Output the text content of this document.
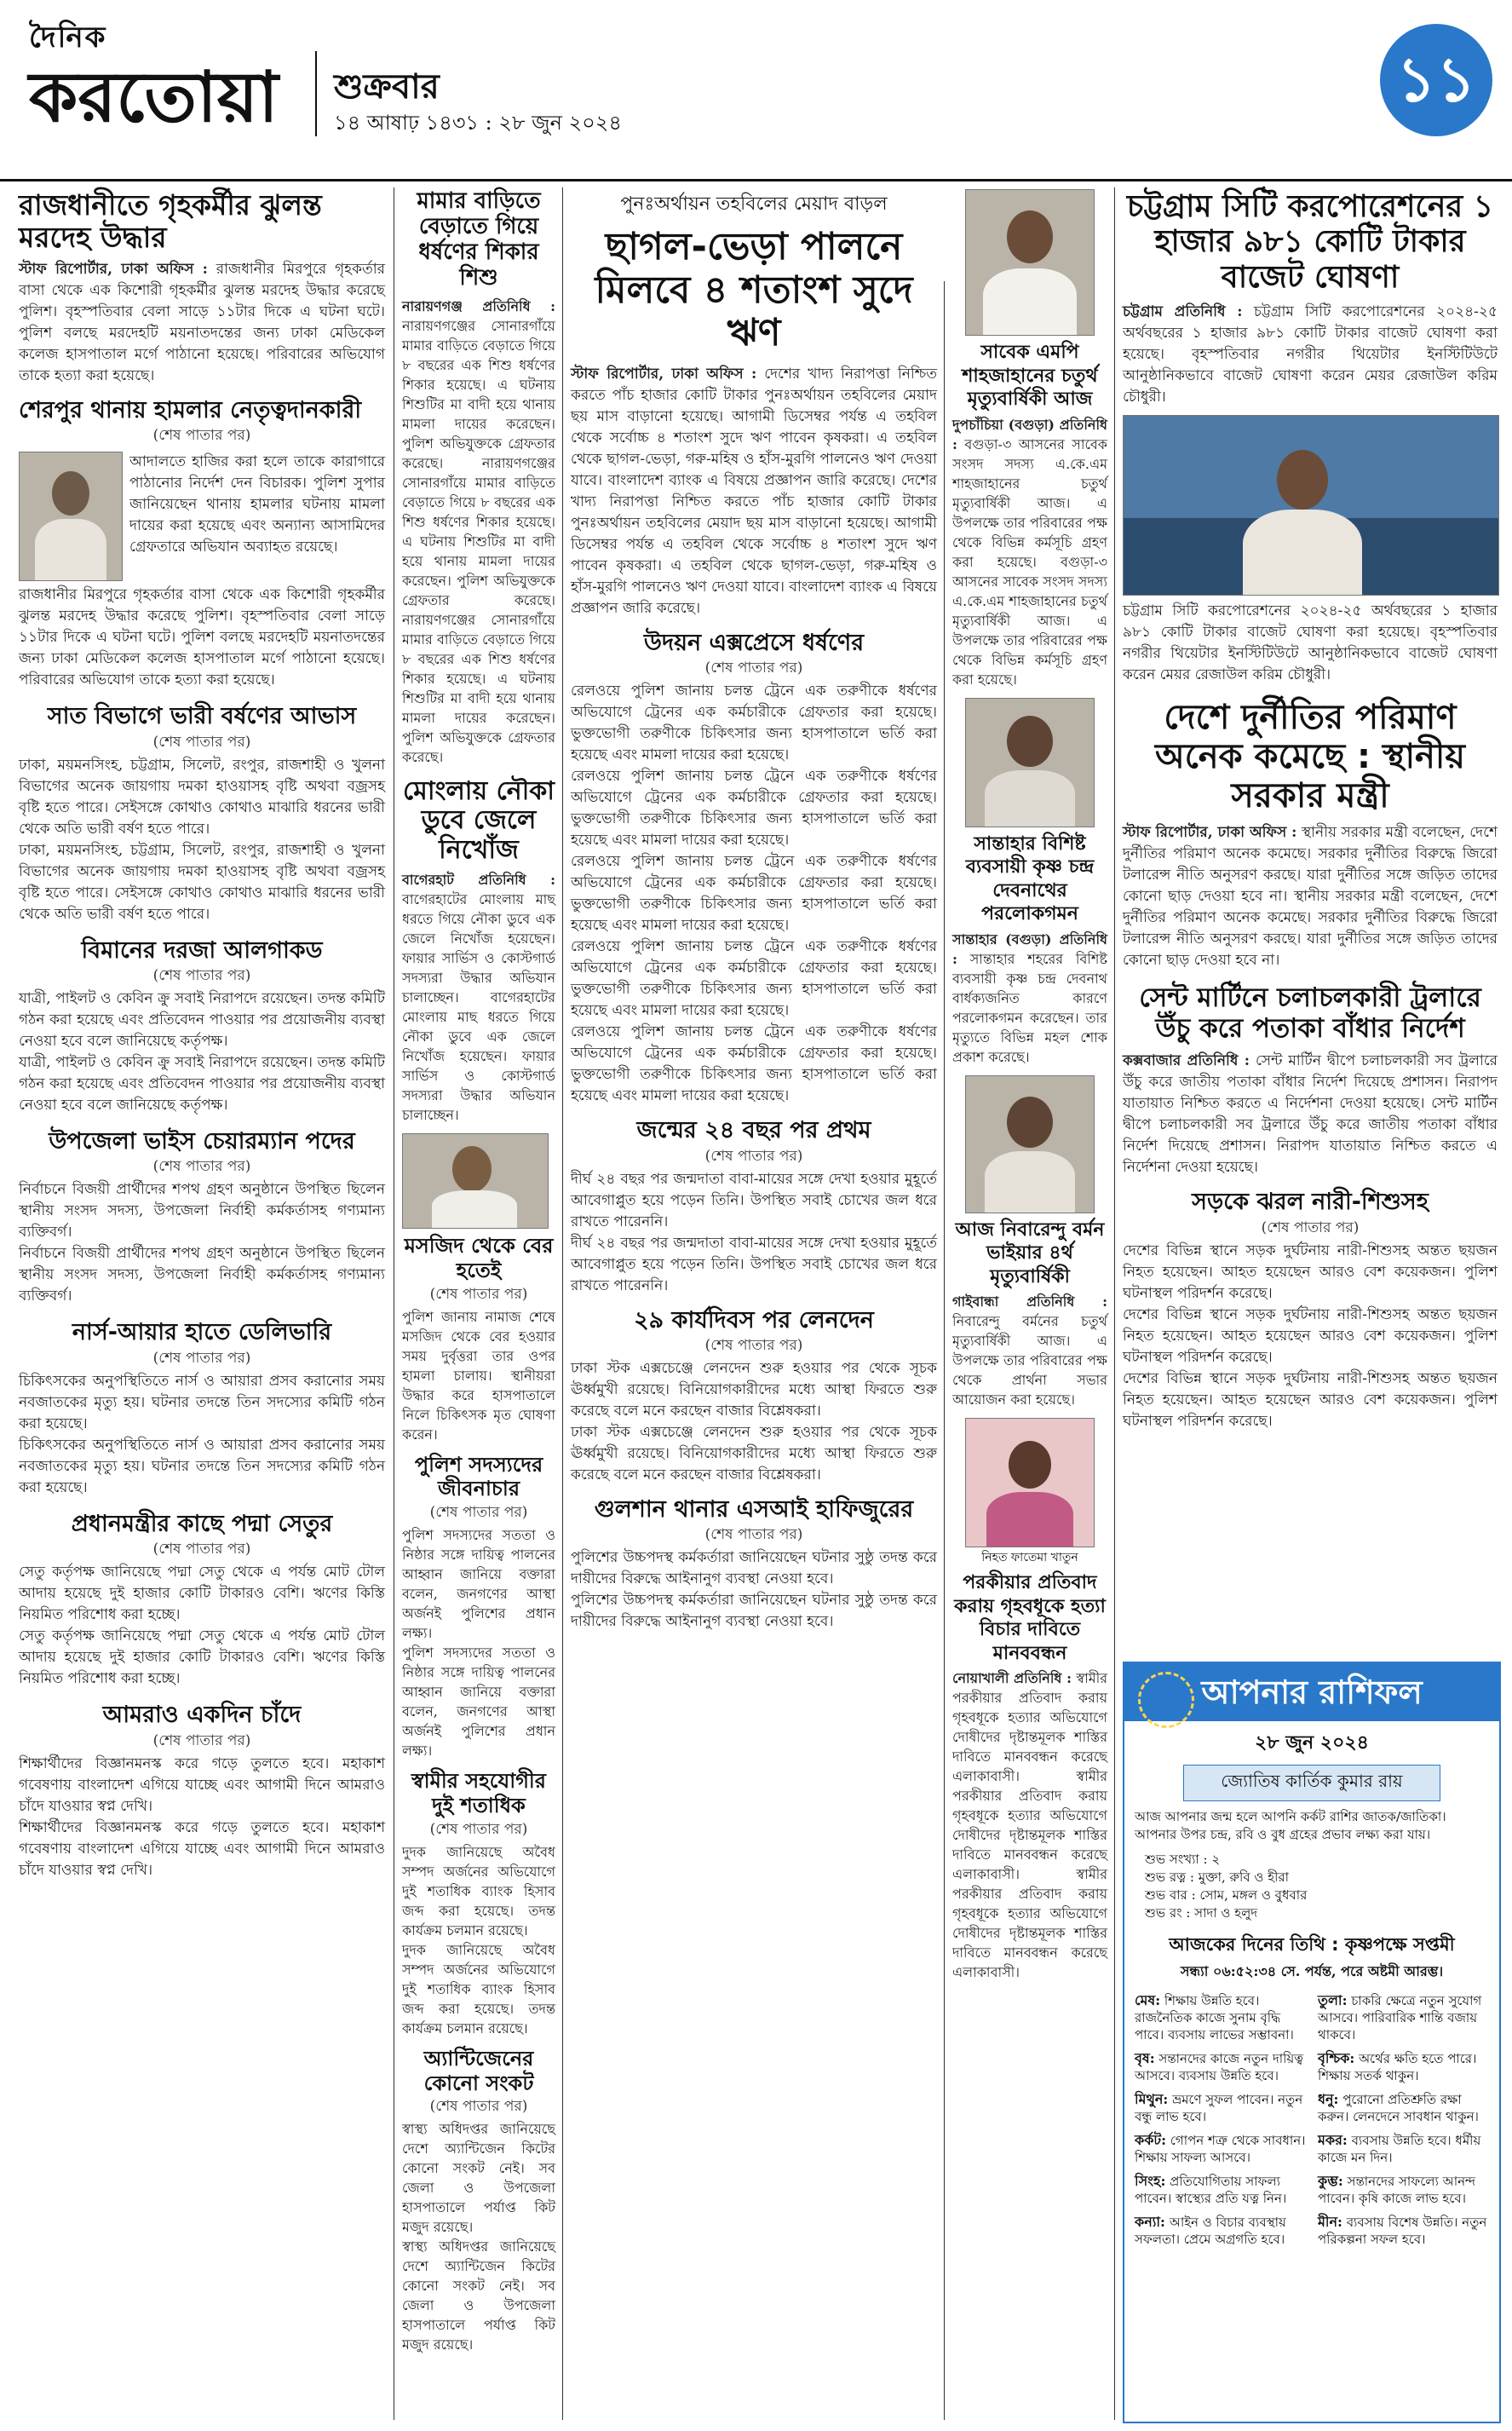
দৈনিক
করতোয়া শুক্রবার
১৪ আষাঢ় ১৪৩১ : ২৮ জুন ২০২৪
১১
রাজধানীতে গৃহকর্মীর ঝুলন্ত মরদেহ উদ্ধার
স্টাফ রিপোর্টার, ঢাকা অফিস : রাজধানীর মিরপুরে গৃহকর্তার বাসা থেকে এক কিশোরী গৃহকর্মীর ঝুলন্ত মরদেহ উদ্ধার করেছে পুলিশ। বৃহস্পতিবার বেলা সাড়ে ১১টার দিকে এ ঘটনা ঘটে। পুলিশ বলছে মরদেহটি ময়নাতদন্তের জন্য ঢাকা মেডিকেল কলেজ হাসপাতাল মর্গে পাঠানো হয়েছে। পরিবারের অভিযোগ তাকে হত্যা করা হয়েছে।
শেরপুর থানায় হামলার নেতৃত্বদানকারী
(শেষ পাতার পর)
আদালতে হাজির করা হলে তাকে কারাগারে পাঠানোর নির্দেশ দেন বিচারক। পুলিশ সুপার জানিয়েছেন থানায় হামলার ঘটনায় মামলা দায়ের করা হয়েছে এবং অন্যান্য আসামিদের গ্রেফতারে অভিযান অব্যাহত রয়েছে।
রাজধানীর মিরপুরে গৃহকর্তার বাসা থেকে এক কিশোরী গৃহকর্মীর ঝুলন্ত মরদেহ উদ্ধার করেছে পুলিশ। বৃহস্পতিবার বেলা সাড়ে ১১টার দিকে এ ঘটনা ঘটে। পুলিশ বলছে মরদেহটি ময়নাতদন্তের জন্য ঢাকা মেডিকেল কলেজ হাসপাতাল মর্গে পাঠানো হয়েছে। পরিবারের অভিযোগ তাকে হত্যা করা হয়েছে।
সাত বিভাগে ভারী বর্ষণের আভাস
(শেষ পাতার পর)
ঢাকা, ময়মনসিংহ, চট্টগ্রাম, সিলেট, রংপুর, রাজশাহী ও খুলনা বিভাগের অনেক জায়গায় দমকা হাওয়াসহ বৃষ্টি অথবা বজ্রসহ বৃষ্টি হতে পারে। সেইসঙ্গে কোথাও কোথাও মাঝারি ধরনের ভারী থেকে অতি ভারী বর্ষণ হতে পারে।
ঢাকা, ময়মনসিংহ, চট্টগ্রাম, সিলেট, রংপুর, রাজশাহী ও খুলনা বিভাগের অনেক জায়গায় দমকা হাওয়াসহ বৃষ্টি অথবা বজ্রসহ বৃষ্টি হতে পারে। সেইসঙ্গে কোথাও কোথাও মাঝারি ধরনের ভারী থেকে অতি ভারী বর্ষণ হতে পারে।
বিমানের দরজা আলগাকড
(শেষ পাতার পর)
যাত্রী, পাইলট ও কেবিন ক্রু সবাই নিরাপদে রয়েছেন। তদন্ত কমিটি গঠন করা হয়েছে এবং প্রতিবেদন পাওয়ার পর প্রয়োজনীয় ব্যবস্থা নেওয়া হবে বলে জানিয়েছে কর্তৃপক্ষ।
যাত্রী, পাইলট ও কেবিন ক্রু সবাই নিরাপদে রয়েছেন। তদন্ত কমিটি গঠন করা হয়েছে এবং প্রতিবেদন পাওয়ার পর প্রয়োজনীয় ব্যবস্থা নেওয়া হবে বলে জানিয়েছে কর্তৃপক্ষ।
উপজেলা ভাইস চেয়ারম্যান পদের
(শেষ পাতার পর)
নির্বাচনে বিজয়ী প্রার্থীদের শপথ গ্রহণ অনুষ্ঠানে উপস্থিত ছিলেন স্থানীয় সংসদ সদস্য, উপজেলা নির্বাহী কর্মকর্তাসহ গণ্যমান্য ব্যক্তিবর্গ।
নির্বাচনে বিজয়ী প্রার্থীদের শপথ গ্রহণ অনুষ্ঠানে উপস্থিত ছিলেন স্থানীয় সংসদ সদস্য, উপজেলা নির্বাহী কর্মকর্তাসহ গণ্যমান্য ব্যক্তিবর্গ।
নার্স-আয়ার হাতে ডেলিভারি
(শেষ পাতার পর)
চিকিৎসকের অনুপস্থিতিতে নার্স ও আয়ারা প্রসব করানোর সময় নবজাতকের মৃত্যু হয়। ঘটনার তদন্তে তিন সদস্যের কমিটি গঠন করা হয়েছে।
চিকিৎসকের অনুপস্থিতিতে নার্স ও আয়ারা প্রসব করানোর সময় নবজাতকের মৃত্যু হয়। ঘটনার তদন্তে তিন সদস্যের কমিটি গঠন করা হয়েছে।
প্রধানমন্ত্রীর কাছে পদ্মা সেতুর
(শেষ পাতার পর)
সেতু কর্তৃপক্ষ জানিয়েছে পদ্মা সেতু থেকে এ পর্যন্ত মোট টোল আদায় হয়েছে দুই হাজার কোটি টাকারও বেশি। ঋণের কিস্তি নিয়মিত পরিশোধ করা হচ্ছে।
সেতু কর্তৃপক্ষ জানিয়েছে পদ্মা সেতু থেকে এ পর্যন্ত মোট টোল আদায় হয়েছে দুই হাজার কোটি টাকারও বেশি। ঋণের কিস্তি নিয়মিত পরিশোধ করা হচ্ছে।
আমরাও একদিন চাঁদে
(শেষ পাতার পর)
শিক্ষার্থীদের বিজ্ঞানমনস্ক করে গড়ে তুলতে হবে। মহাকাশ গবেষণায় বাংলাদেশ এগিয়ে যাচ্ছে এবং আগামী দিনে আমরাও চাঁদে যাওয়ার স্বপ্ন দেখি।
শিক্ষার্থীদের বিজ্ঞানমনস্ক করে গড়ে তুলতে হবে। মহাকাশ গবেষণায় বাংলাদেশ এগিয়ে যাচ্ছে এবং আগামী দিনে আমরাও চাঁদে যাওয়ার স্বপ্ন দেখি।
মামার বাড়িতে বেড়াতে গিয়ে ধর্ষণের শিকার শিশু
নারায়ণগঞ্জ প্রতিনিধি : নারায়ণগঞ্জের সোনারগাঁয়ে মামার বাড়িতে বেড়াতে গিয়ে ৮ বছরের এক শিশু ধর্ষণের শিকার হয়েছে। এ ঘটনায় শিশুটির মা বাদী হয়ে থানায় মামলা দায়ের করেছেন। পুলিশ অভিযুক্তকে গ্রেফতার করেছে।	নারায়ণগঞ্জের সোনারগাঁয়ে মামার বাড়িতে বেড়াতে গিয়ে ৮ বছরের এক শিশু ধর্ষণের শিকার হয়েছে। এ ঘটনায় শিশুটির মা বাদী হয়ে থানায় মামলা দায়ের করেছেন। পুলিশ অভিযুক্তকে গ্রেফতার করেছে। নারায়ণগঞ্জের সোনারগাঁয়ে মামার বাড়িতে বেড়াতে গিয়ে ৮ বছরের এক শিশু ধর্ষণের শিকার হয়েছে। এ ঘটনায় শিশুটির মা বাদী হয়ে থানায় মামলা দায়ের করেছেন। পুলিশ অভিযুক্তকে গ্রেফতার করেছে।
মোংলায় নৌকা ডুবে জেলে নিখোঁজ
বাগেরহাট প্রতিনিধি : বাগেরহাটের মোংলায় মাছ ধরতে গিয়ে নৌকা ডুবে এক জেলে নিখোঁজ হয়েছেন। ফায়ার সার্ভিস ও কোস্টগার্ড সদস্যরা উদ্ধার অভিযান চালাচ্ছেন। বাগেরহাটের মোংলায় মাছ ধরতে গিয়ে নৌকা ডুবে এক জেলে নিখোঁজ হয়েছেন। ফায়ার সার্ভিস ও কোস্টগার্ড সদস্যরা উদ্ধার অভিযান চালাচ্ছেন।
মসজিদ থেকে বের হতেই
(শেষ পাতার পর)
পুলিশ জানায় নামাজ শেষে মসজিদ থেকে বের হওয়ার সময় দুর্বৃত্তরা তার ওপর হামলা চালায়। স্থানীয়রা উদ্ধার করে হাসপাতালে নিলে চিকিৎসক মৃত ঘোষণা করেন।
পুলিশ সদস্যদের জীবনাচার
(শেষ পাতার পর)
পুলিশ সদস্যদের সততা ও নিষ্ঠার সঙ্গে দায়িত্ব পালনের আহ্বান জানিয়ে বক্তারা বলেন, জনগণের আস্থা অর্জনই পুলিশের প্রধান লক্ষ্য।
পুলিশ সদস্যদের সততা ও নিষ্ঠার সঙ্গে দায়িত্ব পালনের আহ্বান জানিয়ে বক্তারা বলেন, জনগণের আস্থা অর্জনই পুলিশের প্রধান লক্ষ্য।
স্বামীর সহযোগীর দুই শতাধিক
(শেষ পাতার পর)
দুদক জানিয়েছে অবৈধ সম্পদ অর্জনের অভিযোগে দুই শতাধিক ব্যাংক হিসাব জব্দ করা হয়েছে। তদন্ত কার্যক্রম চলমান রয়েছে।
দুদক জানিয়েছে অবৈধ সম্পদ অর্জনের অভিযোগে দুই শতাধিক ব্যাংক হিসাব জব্দ করা হয়েছে। তদন্ত কার্যক্রম চলমান রয়েছে।
অ্যান্টিজেনের কোনো সংকট
(শেষ পাতার পর)
স্বাস্থ্য অধিদপ্তর জানিয়েছে দেশে অ্যান্টিজেন কিটের কোনো সংকট নেই। সব জেলা ও উপজেলা হাসপাতালে পর্যাপ্ত কিট মজুদ রয়েছে।
স্বাস্থ্য অধিদপ্তর জানিয়েছে দেশে অ্যান্টিজেন কিটের কোনো সংকট নেই। সব জেলা ও উপজেলা হাসপাতালে পর্যাপ্ত কিট মজুদ রয়েছে।
পুনঃঅর্থায়ন তহবিলের মেয়াদ বাড়ল
ছাগল-ভেড়া পালনে মিলবে ৪ শতাংশ সুদে ঋণ
স্টাফ রিপোর্টার, ঢাকা অফিস : দেশের খাদ্য নিরাপত্তা নিশ্চিত করতে পাঁচ হাজার কোটি টাকার পুনঃঅর্থায়ন তহবিলের মেয়াদ ছয় মাস বাড়ানো হয়েছে। আগামী ডিসেম্বর পর্যন্ত এ তহবিল থেকে সর্বোচ্চ ৪ শতাংশ সুদে ঋণ পাবেন কৃষকরা। এ তহবিল থেকে ছাগল-ভেড়া, গরু-মহিষ ও হাঁস-মুরগি পালনেও ঋণ দেওয়া যাবে। বাংলাদেশ ব্যাংক এ বিষয়ে প্রজ্ঞাপন জারি করেছে। দেশের খাদ্য নিরাপত্তা নিশ্চিত করতে পাঁচ হাজার কোটি টাকার পুনঃঅর্থায়ন তহবিলের মেয়াদ ছয় মাস বাড়ানো হয়েছে। আগামী ডিসেম্বর পর্যন্ত এ তহবিল থেকে সর্বোচ্চ ৪ শতাংশ সুদে ঋণ পাবেন কৃষকরা। এ তহবিল থেকে ছাগল-ভেড়া, গরু-মহিষ ও হাঁস-মুরগি পালনেও ঋণ দেওয়া যাবে। বাংলাদেশ ব্যাংক এ বিষয়ে প্রজ্ঞাপন জারি করেছে।
উদয়ন এক্সপ্রেসে ধর্ষণের
(শেষ পাতার পর)
রেলওয়ে পুলিশ জানায় চলন্ত ট্রেনে এক তরুণীকে ধর্ষণের অভিযোগে ট্রেনের এক কর্মচারীকে গ্রেফতার করা হয়েছে। ভুক্তভোগী তরুণীকে চিকিৎসার জন্য হাসপাতালে ভর্তি করা হয়েছে এবং মামলা দায়ের করা হয়েছে।
রেলওয়ে পুলিশ জানায় চলন্ত ট্রেনে এক তরুণীকে ধর্ষণের অভিযোগে ট্রেনের এক কর্মচারীকে গ্রেফতার করা হয়েছে। ভুক্তভোগী তরুণীকে চিকিৎসার জন্য হাসপাতালে ভর্তি করা হয়েছে এবং মামলা দায়ের করা হয়েছে।
রেলওয়ে পুলিশ জানায় চলন্ত ট্রেনে এক তরুণীকে ধর্ষণের অভিযোগে ট্রেনের এক কর্মচারীকে গ্রেফতার করা হয়েছে। ভুক্তভোগী তরুণীকে চিকিৎসার জন্য হাসপাতালে ভর্তি করা হয়েছে এবং মামলা দায়ের করা হয়েছে।
রেলওয়ে পুলিশ জানায় চলন্ত ট্রেনে এক তরুণীকে ধর্ষণের অভিযোগে ট্রেনের এক কর্মচারীকে গ্রেফতার করা হয়েছে। ভুক্তভোগী তরুণীকে চিকিৎসার জন্য হাসপাতালে ভর্তি করা হয়েছে এবং মামলা দায়ের করা হয়েছে।
রেলওয়ে পুলিশ জানায় চলন্ত ট্রেনে এক তরুণীকে ধর্ষণের অভিযোগে ট্রেনের এক কর্মচারীকে গ্রেফতার করা হয়েছে। ভুক্তভোগী তরুণীকে চিকিৎসার জন্য হাসপাতালে ভর্তি করা হয়েছে এবং মামলা দায়ের করা হয়েছে।
জন্মের ২৪ বছর পর প্রথম
(শেষ পাতার পর)
দীর্ঘ ২৪ বছর পর জন্মদাতা বাবা-মায়ের সঙ্গে দেখা হওয়ার মুহূর্তে আবেগাপ্লুত হয়ে পড়েন তিনি। উপস্থিত সবাই চোখের জল ধরে রাখতে পারেননি।
দীর্ঘ ২৪ বছর পর জন্মদাতা বাবা-মায়ের সঙ্গে দেখা হওয়ার মুহূর্তে আবেগাপ্লুত হয়ে পড়েন তিনি। উপস্থিত সবাই চোখের জল ধরে রাখতে পারেননি।
২৯ কার্যদিবস পর লেনদেন
(শেষ পাতার পর)
ঢাকা স্টক এক্সচেঞ্জে লেনদেন শুরু হওয়ার পর থেকে সূচক ঊর্ধ্বমুখী রয়েছে। বিনিয়োগকারীদের মধ্যে আস্থা ফিরতে শুরু করেছে বলে মনে করছেন বাজার বিশ্লেষকরা।
ঢাকা স্টক এক্সচেঞ্জে লেনদেন শুরু হওয়ার পর থেকে সূচক ঊর্ধ্বমুখী রয়েছে। বিনিয়োগকারীদের মধ্যে আস্থা ফিরতে শুরু করেছে বলে মনে করছেন বাজার বিশ্লেষকরা।
গুলশান থানার এসআই হাফিজুরের
(শেষ পাতার পর)
পুলিশের উচ্চপদস্থ কর্মকর্তারা জানিয়েছেন ঘটনার সুষ্ঠু তদন্ত করে দায়ীদের বিরুদ্ধে আইনানুগ ব্যবস্থা নেওয়া হবে।
পুলিশের উচ্চপদস্থ কর্মকর্তারা জানিয়েছেন ঘটনার সুষ্ঠু তদন্ত করে দায়ীদের বিরুদ্ধে আইনানুগ ব্যবস্থা নেওয়া হবে।
সাবেক এমপি শাহজাহানের চতুর্থ মৃত্যুবার্ষিকী আজ
দুপচাঁচিয়া (বগুড়া) প্রতিনিধি : বগুড়া-৩ আসনের সাবেক সংসদ সদস্য এ.কে.এম শাহজাহানের চতুর্থ মৃত্যুবার্ষিকী আজ। এ উপলক্ষে তার পরিবারের পক্ষ থেকে বিভিন্ন কর্মসূচি গ্রহণ করা হয়েছে। বগুড়া-৩ আসনের সাবেক সংসদ সদস্য এ.কে.এম শাহজাহানের চতুর্থ মৃত্যুবার্ষিকী আজ। এ উপলক্ষে তার পরিবারের পক্ষ থেকে বিভিন্ন কর্মসূচি গ্রহণ করা হয়েছে।
সান্তাহার বিশিষ্ট ব্যবসায়ী কৃষ্ণ চন্দ্র দেবনাথের পরলোকগমন
সান্তাহার (বগুড়া) প্রতিনিধি : সান্তাহার শহরের বিশিষ্ট ব্যবসায়ী কৃষ্ণ চন্দ্র দেবনাথ বার্ধক্যজনিত কারণে পরলোকগমন করেছেন। তার মৃত্যুতে বিভিন্ন মহল শোক প্রকাশ করেছে।
আজ নিবারেন্দু বর্মন ভাইয়ার ৪র্থ মৃত্যুবার্ষিকী
গাইবান্ধা প্রতিনিধি : নিবারেন্দু বর্মনের চতুর্থ মৃত্যুবার্ষিকী আজ। এ উপলক্ষে তার পরিবারের পক্ষ থেকে প্রার্থনা সভার আয়োজন করা হয়েছে।
নিহত ফাতেমা খাতুন
পরকীয়ার প্রতিবাদ করায় গৃহবধূকে হত্যা বিচার দাবিতে মানববন্ধন
নোয়াখালী প্রতিনিধি : স্বামীর পরকীয়ার প্রতিবাদ করায় গৃহবধূকে হত্যার অভিযোগে দোষীদের দৃষ্টান্তমূলক শাস্তির দাবিতে মানববন্ধন করেছে এলাকাবাসী।	স্বামীর পরকীয়ার প্রতিবাদ করায় গৃহবধূকে হত্যার অভিযোগে দোষীদের দৃষ্টান্তমূলক শাস্তির দাবিতে মানববন্ধন করেছে এলাকাবাসী।	স্বামীর পরকীয়ার প্রতিবাদ করায় গৃহবধূকে হত্যার অভিযোগে দোষীদের দৃষ্টান্তমূলক শাস্তির দাবিতে মানববন্ধন করেছে এলাকাবাসী।
চট্টগ্রাম সিটি করপোরেশনের ১ হাজার ৯৮১ কোটি টাকার বাজেট ঘোষণা
চট্টগ্রাম প্রতিনিধি : চট্টগ্রাম সিটি করপোরেশনের ২০২৪-২৫ অর্থবছরের ১ হাজার ৯৮১ কোটি টাকার বাজেট ঘোষণা করা হয়েছে। বৃহস্পতিবার নগরীর থিয়েটার ইনস্টিটিউটে আনুষ্ঠানিকভাবে বাজেট ঘোষণা করেন মেয়র রেজাউল করিম চৌধুরী।
চট্টগ্রাম সিটি করপোরেশনের ২০২৪-২৫ অর্থবছরের ১ হাজার ৯৮১ কোটি টাকার বাজেট ঘোষণা করা হয়েছে। বৃহস্পতিবার নগরীর থিয়েটার ইনস্টিটিউটে আনুষ্ঠানিকভাবে বাজেট ঘোষণা করেন মেয়র রেজাউল করিম চৌধুরী।
দেশে দুর্নীতির পরিমাণ অনেক কমেছে : স্থানীয় সরকার মন্ত্রী
স্টাফ রিপোর্টার, ঢাকা অফিস : স্থানীয় সরকার মন্ত্রী বলেছেন, দেশে দুর্নীতির পরিমাণ অনেক কমেছে। সরকার দুর্নীতির বিরুদ্ধে জিরো টলারেন্স নীতি অনুসরণ করছে। যারা দুর্নীতির সঙ্গে জড়িত তাদের কোনো ছাড় দেওয়া হবে না। স্থানীয় সরকার মন্ত্রী বলেছেন, দেশে দুর্নীতির পরিমাণ অনেক কমেছে। সরকার দুর্নীতির বিরুদ্ধে জিরো টলারেন্স নীতি অনুসরণ করছে। যারা দুর্নীতির সঙ্গে জড়িত তাদের কোনো ছাড় দেওয়া হবে না।
সেন্ট মার্টিনে চলাচলকারী ট্রলারে উঁচু করে পতাকা বাঁধার নির্দেশ
কক্সবাজার প্রতিনিধি : সেন্ট মার্টিন দ্বীপে চলাচলকারী সব ট্রলারে উঁচু করে জাতীয় পতাকা বাঁধার নির্দেশ দিয়েছে প্রশাসন। নিরাপদ যাতায়াত নিশ্চিত করতে এ নির্দেশনা দেওয়া হয়েছে। সেন্ট মার্টিন দ্বীপে চলাচলকারী সব ট্রলারে উঁচু করে জাতীয় পতাকা বাঁধার নির্দেশ দিয়েছে প্রশাসন। নিরাপদ যাতায়াত নিশ্চিত করতে এ নির্দেশনা দেওয়া হয়েছে।
সড়কে ঝরল নারী-শিশুসহ
(শেষ পাতার পর)
দেশের বিভিন্ন স্থানে সড়ক দুর্ঘটনায় নারী-শিশুসহ অন্তত ছয়জন নিহত হয়েছেন। আহত হয়েছেন আরও বেশ কয়েকজন। পুলিশ ঘটনাস্থল পরিদর্শন করেছে।
দেশের বিভিন্ন স্থানে সড়ক দুর্ঘটনায় নারী-শিশুসহ অন্তত ছয়জন নিহত হয়েছেন। আহত হয়েছেন আরও বেশ কয়েকজন। পুলিশ ঘটনাস্থল পরিদর্শন করেছে।
দেশের বিভিন্ন স্থানে সড়ক দুর্ঘটনায় নারী-শিশুসহ অন্তত ছয়জন নিহত হয়েছেন। আহত হয়েছেন আরও বেশ কয়েকজন। পুলিশ ঘটনাস্থল পরিদর্শন করেছে।
আপনার রাশিফল
২৮ জুন ২০২৪
জ্যোতিষ কার্তিক কুমার রায়
আজ আপনার জন্ম হলে আপনি কর্কট রাশির জাতক/জাতিকা। আপনার উপর চন্দ্র, রবি ও বুধ গ্রহের প্রভাব লক্ষ্য করা যায়।
শুভ সংখ্যা : ২
শুভ রত্ন : মুক্তা, রুবি ও হীরা
শুভ বার : সোম, মঙ্গল ও বুধবার
শুভ রং : সাদা ও হলুদ
আজকের দিনের তিথি : কৃষ্ণপক্ষে সপ্তমী
সন্ধ্যা ০৬:৫২:৩৪ সে. পর্যন্ত, পরে অষ্টমী আরম্ভ।
মেষ: শিক্ষায় উন্নতি হবে। রাজনৈতিক কাজে সুনাম বৃদ্ধি পাবে। ব্যবসায় লাভের সম্ভাবনা।
তুলা: চাকরি ক্ষেত্রে নতুন সুযোগ আসবে। পারিবারিক শান্তি বজায় থাকবে।
বৃষ: সন্তানদের কাজে নতুন দায়িত্ব আসবে। ব্যবসায় উন্নতি হবে।
বৃশ্চিক: অর্থের ক্ষতি হতে পারে। শিক্ষায় সতর্ক থাকুন।
মিথুন: ভ্রমণে সুফল পাবেন। নতুন বন্ধু লাভ হবে।
ধনু: পুরোনো প্রতিশ্রুতি রক্ষা করুন। লেনদেনে সাবধান থাকুন।
কর্কট: গোপন শত্রু থেকে সাবধান। শিক্ষায় সাফল্য আসবে।
মকর: ব্যবসায় উন্নতি হবে। ধর্মীয় কাজে মন দিন।
সিংহ: প্রতিযোগিতায় সাফল্য পাবেন। স্বাস্থ্যের প্রতি যত্ন নিন।
কুম্ভ: সন্তানদের সাফল্যে আনন্দ পাবেন। কৃষি কাজে লাভ হবে।
কন্যা: আইন ও বিচার ব্যবস্থায় সফলতা। প্রেমে অগ্রগতি হবে।
মীন: ব্যবসায় বিশেষ উন্নতি। নতুন পরিকল্পনা সফল হবে।
